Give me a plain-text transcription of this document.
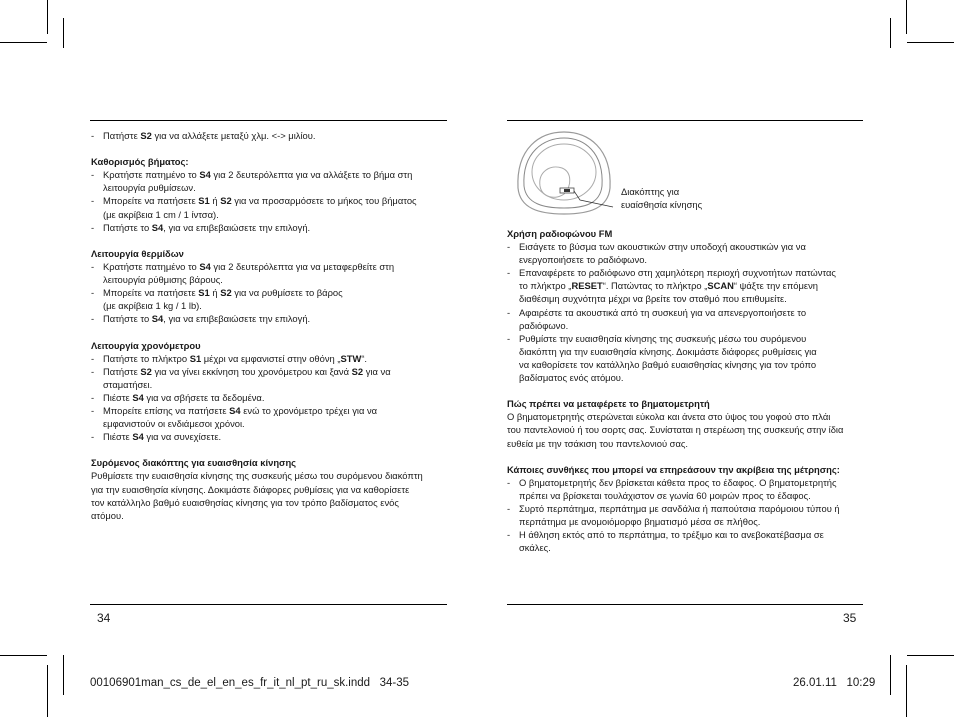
- Πατήστε S2 για να αλλάξετε μεταξύ χλμ. <-> μιλίου.

Καθορισμός βήματος:

- Κρατήστε πατημένο το S4 για 2 δευτερόλεπτα για να αλλάξετε το βήμα στη
λειτουργία ρυθμίσεων.
- Μπορείτε να πατήσετε S1 ή S2 για να προσαρμόσετε το μήκος του βήματος
(με ακρίβεια 1 cm / 1 ίντσα).
- Πατήστε το S4, για να επιβεβαιώσετε την επιλογή.

Λειτουργία θερμίδων

- Κρατήστε πατημένο το S4 για 2 δευτερόλεπτα για να μεταφερθείτε στη
λειτουργία ρύθμισης βάρους.
- Μπορείτε να πατήσετε S1 ή S2 για να ρυθμίσετε το βάρος
(με ακρίβεια 1 kg / 1 lb).
- Πατήστε το S4, για να επιβεβαιώσετε την επιλογή.

Λειτουργία χρονόμετρου

- Πατήστε το πλήκτρο S1 μέχρι να εμφανιστεί στην οθόνη „STW“.
- Πατήστε S2 για να γίνει εκκίνηση του χρονόμετρου και ξανά S2 για να
σταματήσει.
- Πιέστε S4 για να σβήσετε τα δεδομένα.
- Μπορείτε επίσης να πατήσετε S4 ενώ το χρονόμετρο τρέχει για να
εμφανιστούν οι ενδιάμεσοι χρόνοι.
- Πιέστε S4 για να συνεχίσετε.

Συρόμενος διακόπτης για ευαισθησία κίνησης

Ρυθμίσετε την ευαισθησία κίνησης της συσκευής μέσω του συρόμενου διακόπτη

για την ευαισθησία κίνησης. Δοκιμάστε διάφορες ρυθμίσεις για να καθορίσετε

τον κατάλληλο βαθμό ευαισθησίας κίνησης για τον τρόπο βαδίσματος ενός

ατόμου.

34
Διακόπτης για
ευαίσθησία κίνησης

Χρήση ραδιοφώνου FM

- Εισάγετε το βύσμα των ακουστικών στην υποδοχή ακουστικών για να
ενεργοποιήσετε το ραδιόφωνο.
- Επαναφέρετε το ραδιόφωνο στη χαμηλότερη περιοχή συχνοτήτων πατώντας
το πλήκτρο „RESET“. Πατώντας το πλήκτρο „SCAN“ ψάξτε την επόμενη
διαθέσιμη συχνότητα μέχρι να βρείτε τον σταθμό που επιθυμείτε.
- Αφαιρέστε τα ακουστικά από τη συσκευή για να απενεργοποιήσετε το
ραδιόφωνο.
- Ρυθμίστε την ευαισθησία κίνησης της συσκευής μέσω του συρόμενου
διακόπτη για την ευαισθησία κίνησης. Δοκιμάστε διάφορες ρυθμίσεις για
να καθορίσετε τον κατάλληλο βαθμό ευαισθησίας κίνησης για τον τρόπο
βαδίσματος ενός ατόμου.

Πώς πρέπει να μεταφέρετε το βηματομετρητή

Ο βηματομετρητής στερώνεται εύκολα και άνετα στο ύψος του γοφού στο πλάι

του παντελονιού ή του σορτς σας. Συνίσταται η στερέωση της συσκευής στην ίδια

ευθεία με την τσάκιση του παντελονιού σας.

Κάποιες συνθήκες που μπορεί να επηρεάσουν την ακρίβεια της μέτρησης:

- Ο βηματομετρητής δεν βρίσκεται κάθετα προς το έδαφος. Ο βηματομετρητής
πρέπει να βρίσκεται τουλάχιστον σε γωνία 60 μοιρών προς το έδαφος.
- Συρτό περπάτημα, περπάτημα με σανδάλια ή παπούτσια παρόμοιου τύπου ή
περπάτημα με ανομοιόμορφο βηματισμό μέσα σε πλήθος.
- Η άθληση εκτός από το περπάτημα, το τρέξιμο και το ανεβοκατέβασμα σε
σκάλες.
35
00106901man_cs_de_el_en_es_fr_it_nl_pt_ru_sk.indd   34-35	26.01.11   10:29
